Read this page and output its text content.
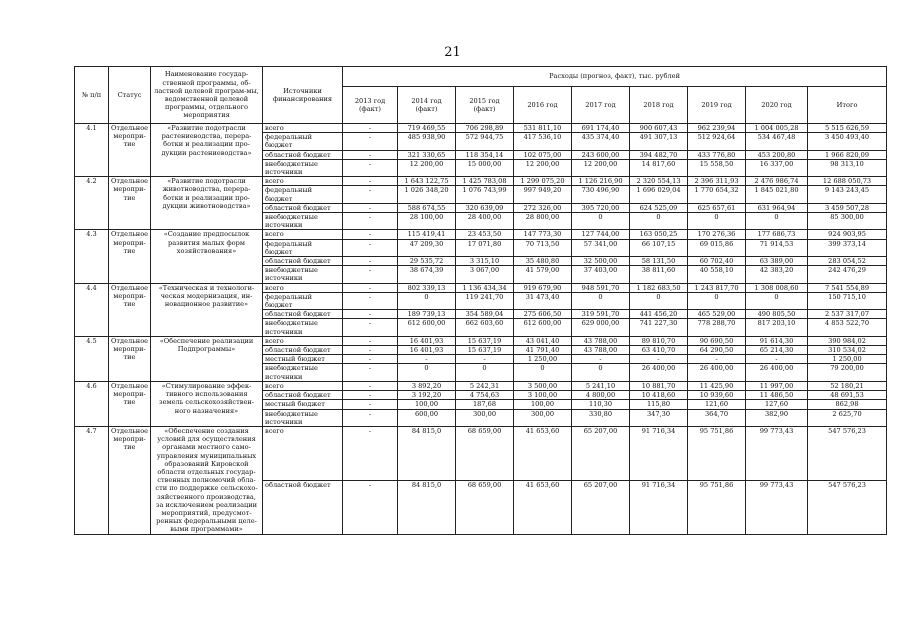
21
№ п/п	Статус	Наименование государ-ственной программы, об-ластной целевой програм-мы, ведомственной целевой программы, отдельного мероприятия	Источники финансирования	Расходы (прогноз, факт), тыс. рублей								
				2013 год (факт)	2014 год (факт)	2015 год (факт)	2016 год	2017 год	2018 год	2019 год	2020 год	Итого
4.1	Отдельное меропри-тие	«Развитие подотрасли растениеводства, перера-ботки и реализации про-дукции растениеводства»	всего	-	719 469,55	706 298,89	531 811,10	691 174,40	900 607,43	962 239,94	1 004 005,28	5 515 626,59
			федеральный бюджет	-	485 938,90	572 944,75	417 536,10	435 374,40	491 307,13	512 924,64	534 467,48	3 450 493,40
			областной бюджет	-	321 330,65	118 354,14	102 075,00	243 600,00	394 482,70	433 776,80	453 200,80	1 966 820,09
			внебюджетные источники	-	12 200,00	15 000,00	12 200,00	12 200,00	14 817,60	15 558,50	16 337,00	98 313,10
4.2	Отдельное меропри-тие	«Развитие подотрасли животноводства, перера-ботки и реализации про-дукции животноводства»	всего	-	1 643 122,75	1 425 783,08	1 299 075,20	1 126 216,90	2 320 554,13	2 396 311,93	2 476 986,74	12 688 050,73
			федеральный бюджет	-	1 026 348,20	1 076 743,99	997 949,20	730 496,90	1 696 029,04	1 770 654,32	1 845 021,80	9 143 243,45
			областной бюджет	-	588 674,55	320 639,09	272 326,00	395 720,00	624 525,09	625 657,61	631 964,94	3 459 507,28
			внебюджетные источники	-	28 100,00	28 400,00	28 800,00	0	0	0	0	85 300,00
4.3	Отдельное меропри-тие	«Создание предпосылок развития малых форм хозяйствования»	всего	-	115 419,41	23 453,50	147 773,30	127 744,00	163 050,25	170 276,36	177 686,73	924 903,95
			федеральный бюджет	-	47 209,30	17 071,80	70 713,50	57 341,00	66 107,15	69 015,86	71 914,53	399 373,14
			областной бюджет	-	29 535,72	3 315,10	35 480,80	32 500,00	58 131,50	60 702,40	63 389,00	283 054,52
			внебюджетные источники	-	38 674,39	3 067,00	41 579,00	37 403,00	38 811,60	40 558,10	42 383,20	242 476,29
4.4	Отдельное меропри-тие	«Техническая и технологи-ческая модернизация, ин-новационное развитие»	всего	-	802 339,13	1 136 434,34	919 679,90	948 591,70	1 182 683,50	1 243 817,70	1 308 008,60	7 541 554,89
			федеральный бюджет	-	0	119 241,70	31 473,40	0	0	0	0	150 715,10
			областной бюджет	-	189 739,13	354 589,04	275 606,50	319 591,70	441 456,20	465 529,00	490 805,50	2 537 317,07
			внебюджетные источники	-	612 600,00	662 603,60	612 600,00	629 000,00	741 227,30	778 288,70	817 203,10	4 853 522,70
4.5	Отдельное меропри-тие	«Обеспечение реализации Подпрограммы»	всего	-	16 401,93	15 637,19	43 041,40	43 788,00	89 810,70	90 690,50	91 614,30	390 984,02
			областной бюджет	-	16 401,93	15 637,19	41 791,40	43 788,00	63 410,70	64 290,50	65 214,30	310 534,02
			местный бюджет	-	-	-	1 250,00	-	-	-	-	1 250,00
			внебюджетные источники	-	0	0	0	0	26 400,00	26 400,00	26 400,00	79 200,00
4.6	Отдельное меропри-тие	«Стимулирование эффек-тивного использования земель сельскохозяйствен-ного назначения»	всего	-	3 892,20	5 242,31	3 500,00	5 241,10	10 881,70	11 425,90	11 997,00	52 180,21
			областной бюджет	-	3 192,20	4 754,63	3 100,00	4 800,00	10 418,60	10 939,60	11 486,50	48 691,53
			местный бюджет	-	100,00	187,68	100,00	110,30	115,80	121,60	127,60	862,98
			внебюджетные источники	-	600,00	300,00	300,00	330,80	347,30	364,70	382,90	2 625,70
4.7	Отдельное меропри-тие	«Обеспечение создания условий для осуществления органами местного само-управления муниципальных образований Кировской области отдельных государ-ственных полномочий обла-сти по поддержке сельскохо-зяйственного производства, за исключением реализации мероприятий, предусмот-ренных федеральными целе-выми программами»	всего	-	84 815,0	68 659,00	41 653,60	65 207,00	91 716,34	95 751,86	99 773,43	547 576,23
			областной бюджет	-	84 815,0	68 659,00	41 653,60	65 207,00	91 716,34	95 751,86	99 773,43	547 576,23
